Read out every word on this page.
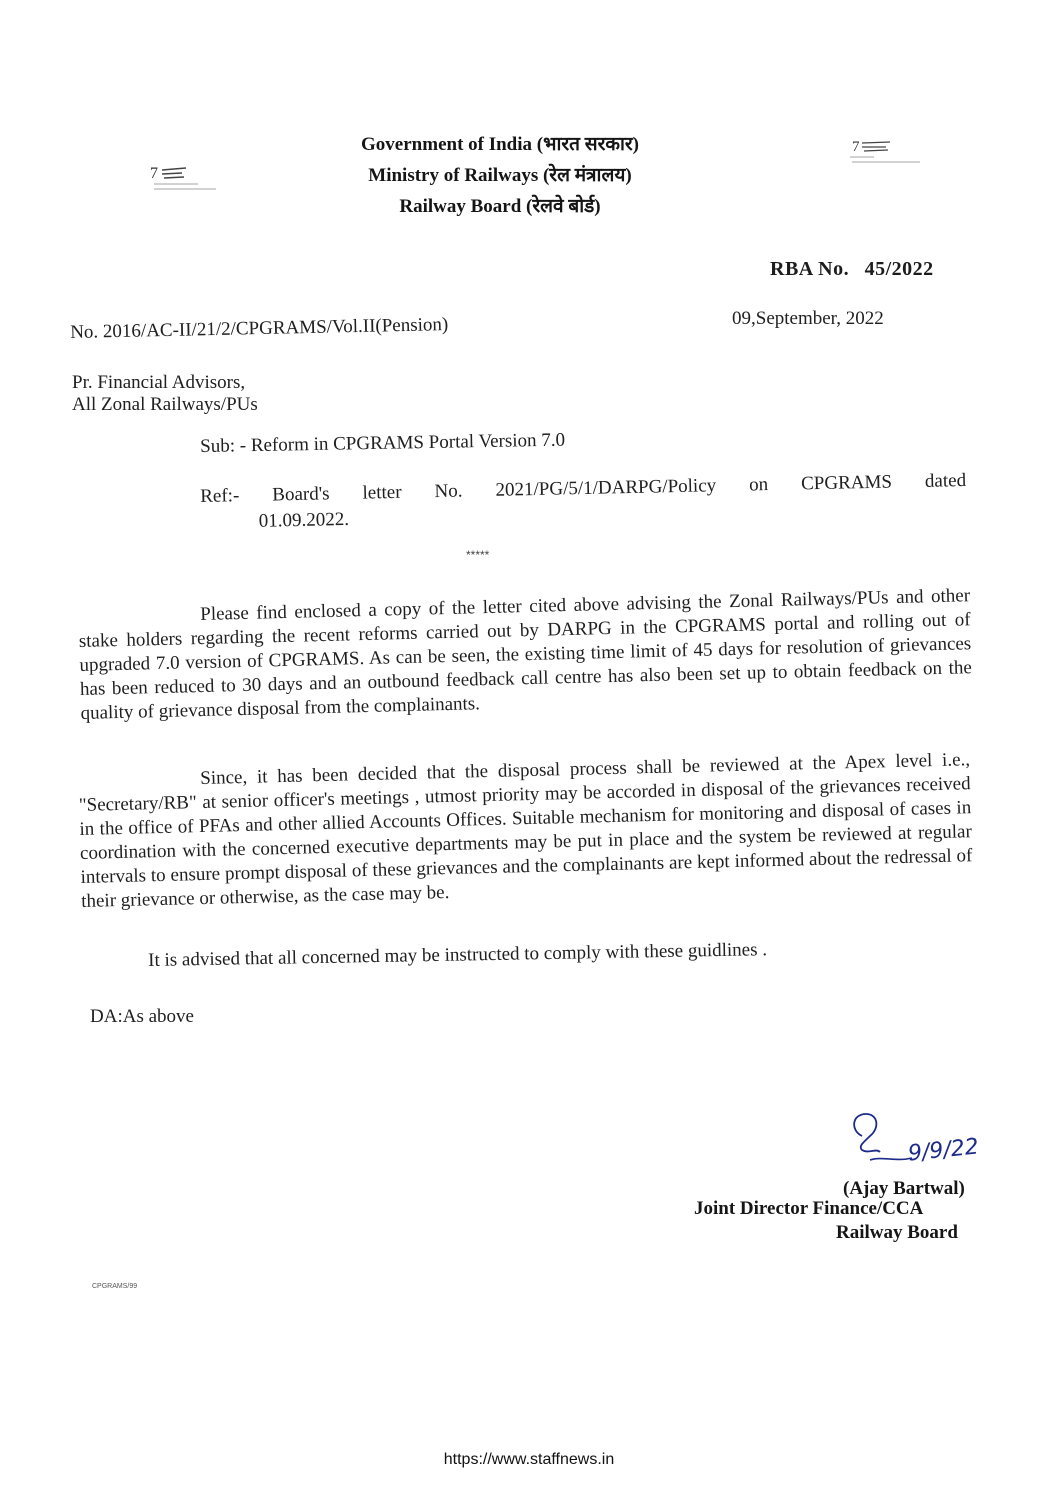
7
7
Government of India (भारत सरकार)
Ministry of Railways (रेल मंत्रालय)
Railway Board (रेलवे बोर्ड)
RBA No. 45/2022
09,September, 2022
No. 2016/AC-II/21/2/CPGRAMS/Vol.II(Pension)
Pr. Financial Advisors,
All Zonal Railways/PUs
Sub: - Reform in CPGRAMS Portal Version 7.0
Ref:- Board's letter No. 2021/PG/5/1/DARPG/Policy on CPGRAMS dated
01.09.2022.
*****
Please find enclosed a copy of the letter cited above advising the Zonal Railways/PUs and other stake holders regarding the recent reforms carried out by DARPG in the CPGRAMS portal and rolling out of upgraded 7.0 version of CPGRAMS. As can be seen, the existing time limit of 45 days for resolution of grievances has been reduced to 30 days and an outbound feedback call centre has also been set up to obtain feedback on the quality of grievance disposal from the complainants.
Since, it has been decided that the disposal process shall be reviewed at the Apex level i.e., "Secretary/RB" at senior officer's meetings , utmost priority may be accorded in disposal of the grievances received in the office of PFAs and other allied Accounts Offices. Suitable mechanism for monitoring and disposal of cases in coordination with the concerned executive departments may be put in place and the system be reviewed at regular intervals to ensure prompt disposal of these grievances and the complainants are kept informed about the redressal of their grievance or otherwise, as the case may be.
It is advised that all concerned may be instructed to comply with these guidlines .
DA:As above
9/9/22
(Ajay Bartwal)
Joint Director Finance/CCA
Railway Board
CPGRAMS/99
https://www.staffnews.in
